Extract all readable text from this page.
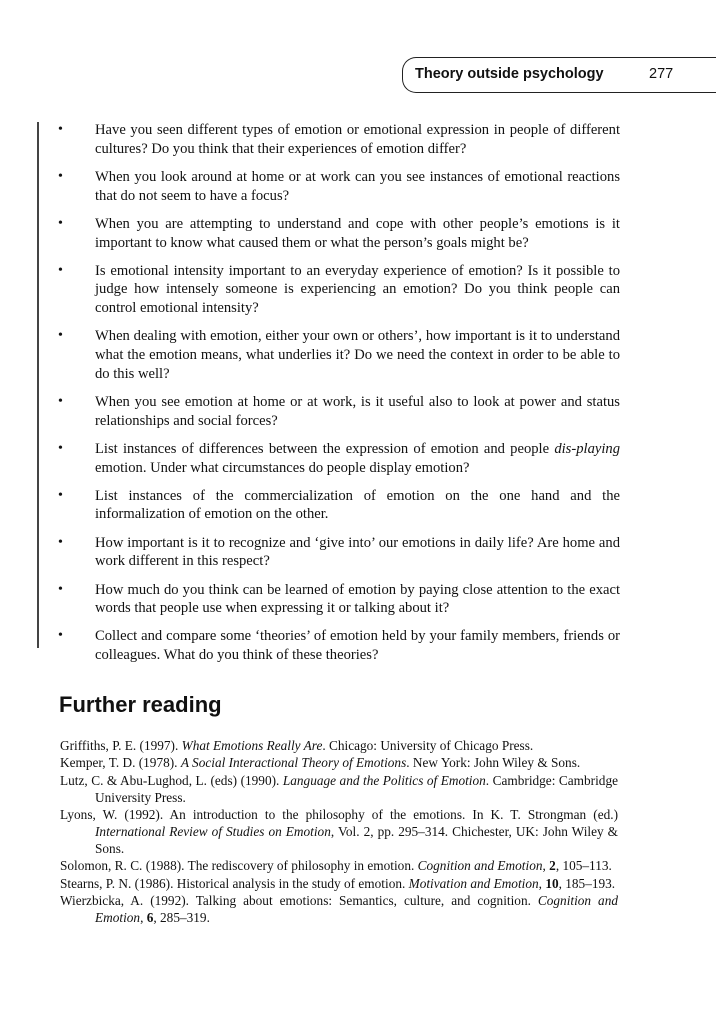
Theory outside psychology	277
• Have you seen different types of emotion or emotional expression in people of different cultures? Do you think that their experiences of emotion differ?
• When you look around at home or at work can you see instances of emotional reactions that do not seem to have a focus?
• When you are attempting to understand and cope with other people’s emotions is it important to know what caused them or what the person’s goals might be?
• Is emotional intensity important to an everyday experience of emotion? Is it possible to judge how intensely someone is experiencing an emotion? Do you think people can control emotional intensity?
• When dealing with emotion, either your own or others’, how important is it to understand what the emotion means, what underlies it? Do we need the context in order to be able to do this well?
• When you see emotion at home or at work, is it useful also to look at power and status relationships and social forces?
• List instances of differences between the expression of emotion and people dis-playing emotion. Under what circumstances do people display emotion?
• List instances of the commercialization of emotion on the one hand and the informalization of emotion on the other.
• How important is it to recognize and ‘give into’ our emotions in daily life? Are home and work different in this respect?
• How much do you think can be learned of emotion by paying close attention to the exact words that people use when expressing it or talking about it?
• Collect and compare some ‘theories’ of emotion held by your family members, friends or colleagues. What do you think of these theories?
Further reading
Griffiths, P. E. (1997). What Emotions Really Are. Chicago: University of Chicago Press.
Kemper, T. D. (1978). A Social Interactional Theory of Emotions. New York: John Wiley & Sons.
Lutz, C. & Abu-Lughod, L. (eds) (1990). Language and the Politics of Emotion. Cambridge: Cambridge University Press.
Lyons, W. (1992). An introduction to the philosophy of the emotions. In K. T. Strongman (ed.) International Review of Studies on Emotion, Vol. 2, pp. 295–314. Chichester, UK: John Wiley & Sons.
Solomon, R. C. (1988). The rediscovery of philosophy in emotion. Cognition and Emotion, 2, 105–113.
Stearns, P. N. (1986). Historical analysis in the study of emotion. Motivation and Emotion, 10, 185–193.
Wierzbicka, A. (1992). Talking about emotions: Semantics, culture, and cognition. Cognition and Emotion, 6, 285–319.
